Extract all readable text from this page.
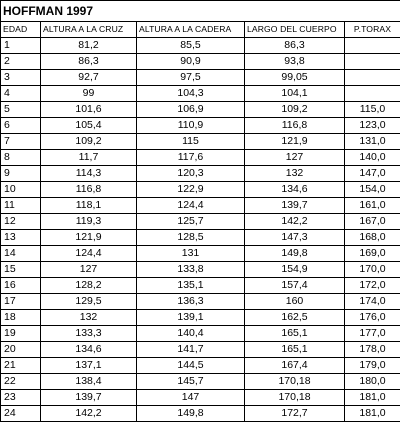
HOFFMAN 1997				
EDAD	ALTURA A LA CRUZ	ALTURA A LA CADERA	LARGO DEL CUERPO	P.TORAX
1	81,2	85,5	86,3	
2	86,3	90,9	93,8	
3	92,7	97,5	99,05	
4	99	104,3	104,1	
5	101,6	106,9	109,2	115,0
6	105,4	110,9	116,8	123,0
7	109,2	115	121,9	131,0
8	11,7	117,6	127	140,0
9	114,3	120,3	132	147,0
10	116,8	122,9	134,6	154,0
11	118,1	124,4	139,7	161,0
12	119,3	125,7	142,2	167,0
13	121,9	128,5	147,3	168,0
14	124,4	131	149,8	169,0
15	127	133,8	154,9	170,0
16	128,2	135,1	157,4	172,0
17	129,5	136,3	160	174,0
18	132	139,1	162,5	176,0
19	133,3	140,4	165,1	177,0
20	134,6	141,7	165,1	178,0
21	137,1	144,5	167,4	179,0
22	138,4	145,7	170,18	180,0
23	139,7	147	170,18	181,0
24	142,2	149,8	172,7	181,0
